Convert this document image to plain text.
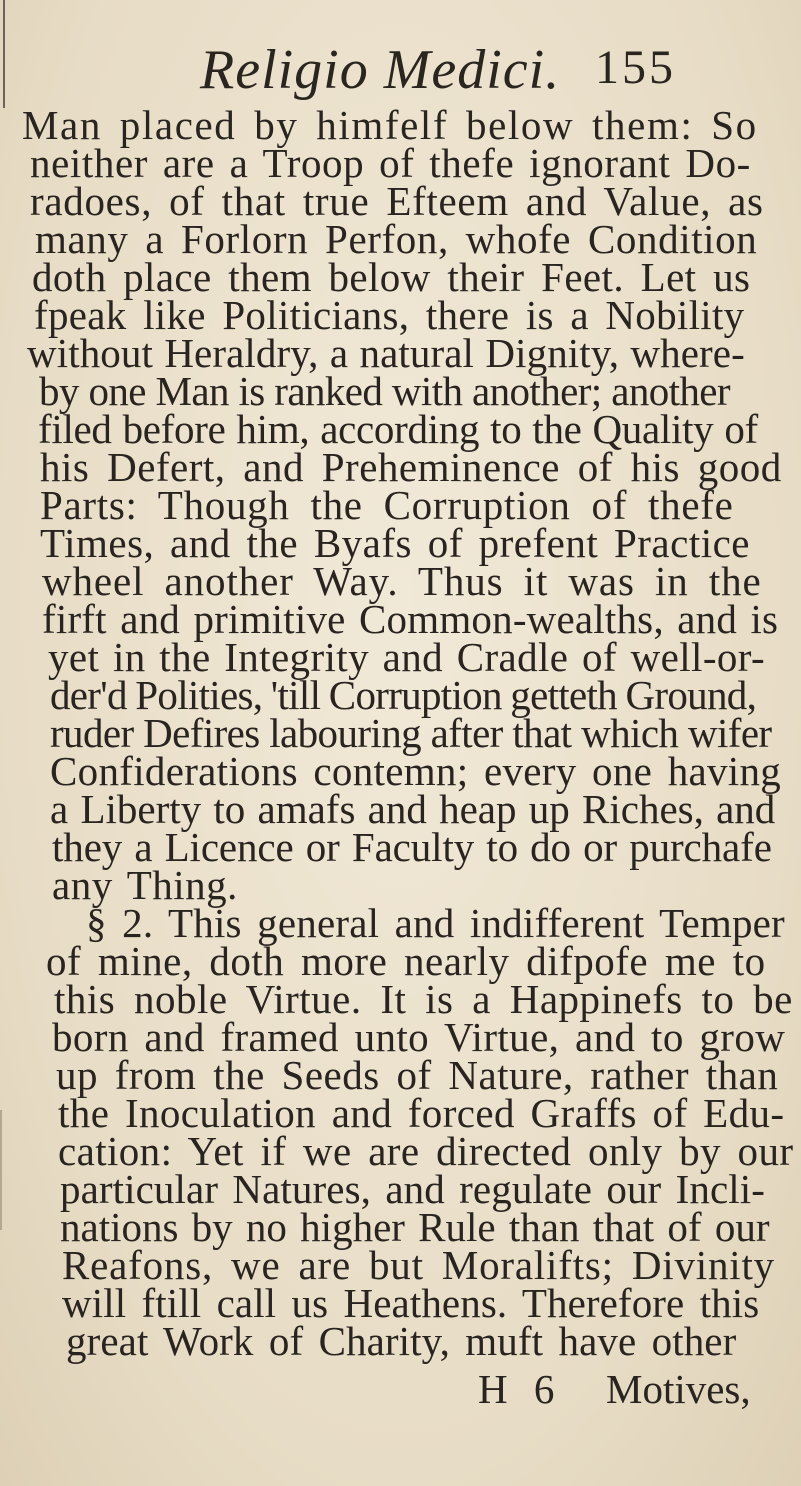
Religio Medici. 155
Man placed by himfelf below them: So
neither are a Troop of thefe ignorant Do-
radoes, of that true Efteem and Value, as
many a Forlorn Perfon, whofe Condition
doth place them below their Feet. Let us
fpeak like Politicians, there is a Nobility
without Heraldry, a natural Dignity, where-
by one Man is ranked with another; another
filed before him, according to the Quality of
his Defert, and Preheminence of his good
Parts: Though the Corruption of thefe
Times, and the Byafs of prefent Practice
wheel another Way. Thus it was in the
firft and primitive Common-wealths, and is
yet in the Integrity and Cradle of well-or-
der'd Polities, 'till Corruption getteth Ground,
ruder Defires labouring after that which wifer
Confiderations contemn; every one having
a Liberty to amafs and heap up Riches, and
they a Licence or Faculty to do or purchafe
any Thing.
§ 2. This general and indifferent Temper
of mine, doth more nearly difpofe me to
this noble Virtue. It is a Happinefs to be
born and framed unto Virtue, and to grow
up from the Seeds of Nature, rather than
the Inoculation and forced Graffs of Edu-
cation: Yet if we are directed only by our
particular Natures, and regulate our Incli-
nations by no higher Rule than that of our
Reafons, we are but Moralifts; Divinity
will ftill call us Heathens. Therefore this
great Work of Charity, muft have other
H 6 Motives,
